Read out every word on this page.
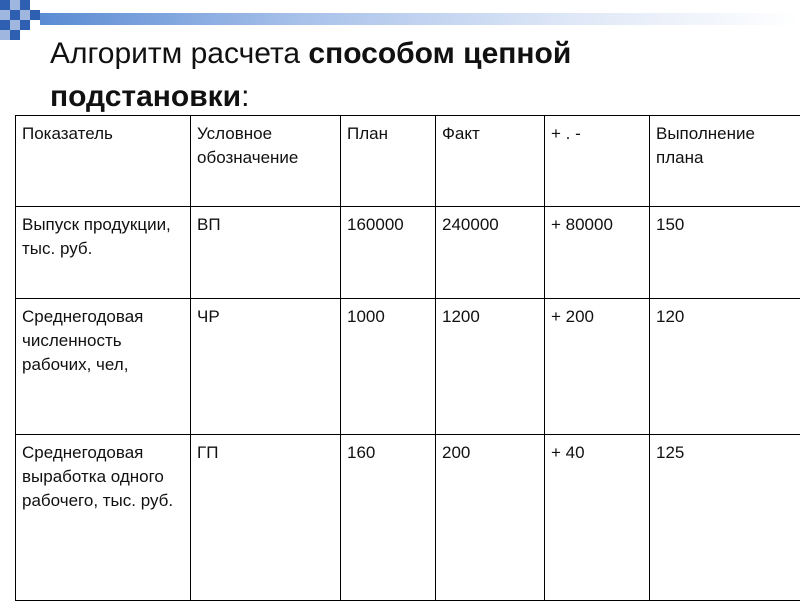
Алгоритм расчета способом цепной подстановки:
Показатель	Условное обозначение	План	Факт	+ . -	Выполнение плана
Выпуск продукции, тыс. руб.	ВП	160000	240000	+ 80000	150
Среднегодовая численность рабочих, чел,	ЧР	1000	1200	+ 200	120
Среднегодовая выработка одного рабочего, тыс. руб.	ГП	160	200	+ 40	125
